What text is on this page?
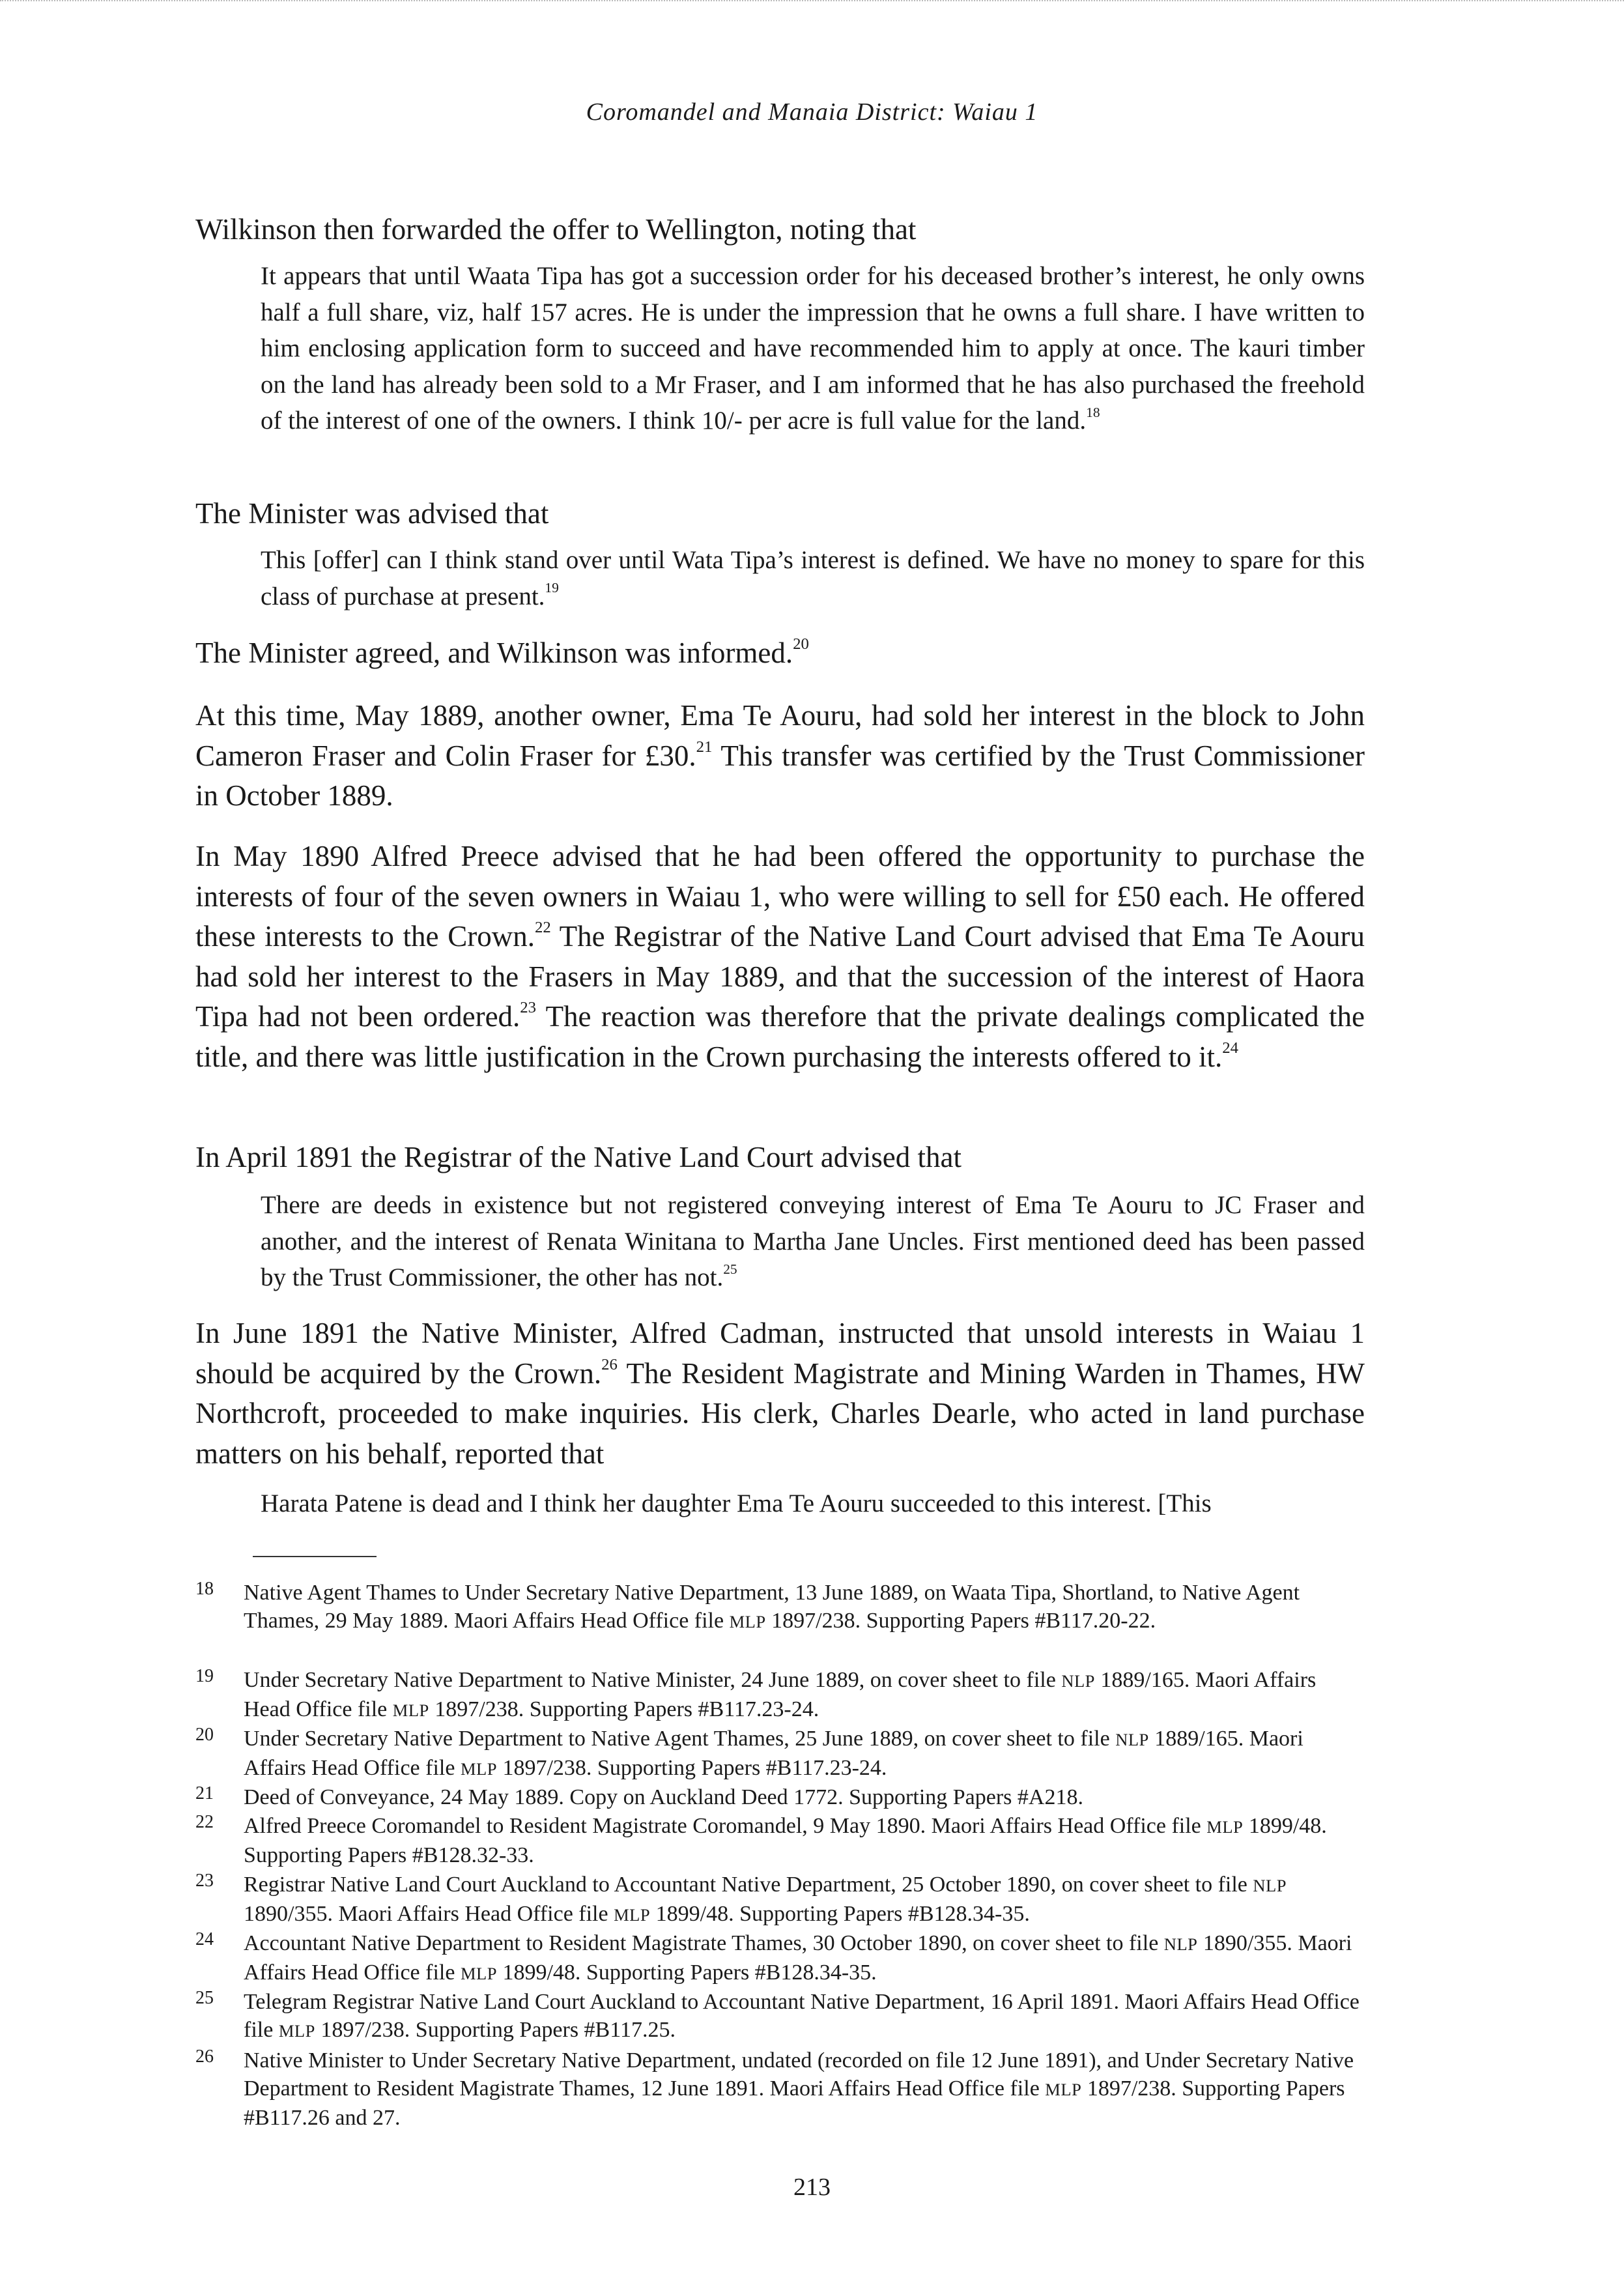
Coromandel and Manaia District: Waiau 1

Wilkinson then forwarded the offer to Wellington, noting that

It appears that until Waata Tipa has got a succession order for his deceased brother’s interest, he only owns half a full share, viz, half 157 acres. He is under the impression that he owns a full share. I have written to him enclosing application form to succeed and have recommended him to apply at once. The kauri timber on the land has already been sold to a Mr Fraser, and I am informed that he has also purchased the freehold of the interest of one of the owners. I think 10/- per acre is full value for the land.$^{18}$

The Minister was advised that

This [offer] can I think stand over until Wata Tipa’s interest is defined. We have no money to spare for this class of purchase at present.$^{19}$

The Minister agreed, and Wilkinson was informed.$^{20}$

At this time, May 1889, another owner, Ema Te Aouru, had sold her interest in the block to John Cameron Fraser and Colin Fraser for £30.21 This transfer was certified by the Trust Commissioner in October 1889.

In May 1890 Alfred Preece advised that he had been offered the opportunity to purchase the interests of four of the seven owners in Waiau 1, who were willing to sell for £50 each. He offered these interests to the Crown.$^{22}$ The Registrar of the Native Land Court advised that Ema Te Aouru had sold her interest to the Frasers in May 1889, and that the succession of the interest of Haora Tipa had not been ordered.$^{23}$ The reaction was therefore that the private dealings complicated the title, and there was little justification in the Crown purchasing the interests offered to it.$^{24}$

In April 1891 the Registrar of the Native Land Court advised that

There are deeds in existence but not registered conveying interest of Ema Te Aouru to JC Fraser and another, and the interest of Renata Winitana to Martha Jane Uncles. First mentioned deed has been passed by the Trust Commissioner, the other has not.$^{25}$

In June 1891 the Native Minister, Alfred Cadman, instructed that unsold interests in Waiau 1 should be acquired by the Crown.$^{26}$ The Resident Magistrate and Mining Warden in Thames, HW Northcroft, proceeded to make inquiries. His clerk, Charles Dearle, who acted in land purchase matters on his behalf, reported that

Harata Patene is dead and I think her daughter Ema Te Aouru succeeded to this interest. [This

18	Native Agent Thames to Under Secretary Native Department, 13 June 1889, on Waata Tipa, Shortland, to Native Agent Thames, 29 May 1889. Maori Affairs Head Office file MLP 1897/238. Supporting Papers #B117.20-22.
19	Under Secretary Native Department to Native Minister, 24 June 1889, on cover sheet to file NLP 1889/165. Maori Affairs Head Office file MLP 1897/238. Supporting Papers #B117.23-24.
20	Under Secretary Native Department to Native Agent Thames, 25 June 1889, on cover sheet to file NLP 1889/165. Maori Affairs Head Office file MLP 1897/238. Supporting Papers #B117.23-24.
21	Deed of Conveyance, 24 May 1889. Copy on Auckland Deed 1772. Supporting Papers #A218.
22	Alfred Preece Coromandel to Resident Magistrate Coromandel, 9 May 1890. Maori Affairs Head Office file MLP 1899/48. Supporting Papers #B128.32-33.
23	Registrar Native Land Court Auckland to Accountant Native Department, 25 October 1890, on cover sheet to file NLP 1890/355. Maori Affairs Head Office file MLP 1899/48. Supporting Papers #B128.34-35.
24	Accountant Native Department to Resident Magistrate Thames, 30 October 1890, on cover sheet to file NLP 1890/355. Maori Affairs Head Office file MLP 1899/48. Supporting Papers #B128.34-35.
25	Telegram Registrar Native Land Court Auckland to Accountant Native Department, 16 April 1891. Maori Affairs Head Office file MLP 1897/238. Supporting Papers #B117.25.
26	Native Minister to Under Secretary Native Department, undated (recorded on file 12 June 1891), and Under Secretary Native Department to Resident Magistrate Thames, 12 June 1891. Maori Affairs Head Office file MLP 1897/238. Supporting Papers #B117.26 and 27.
213
